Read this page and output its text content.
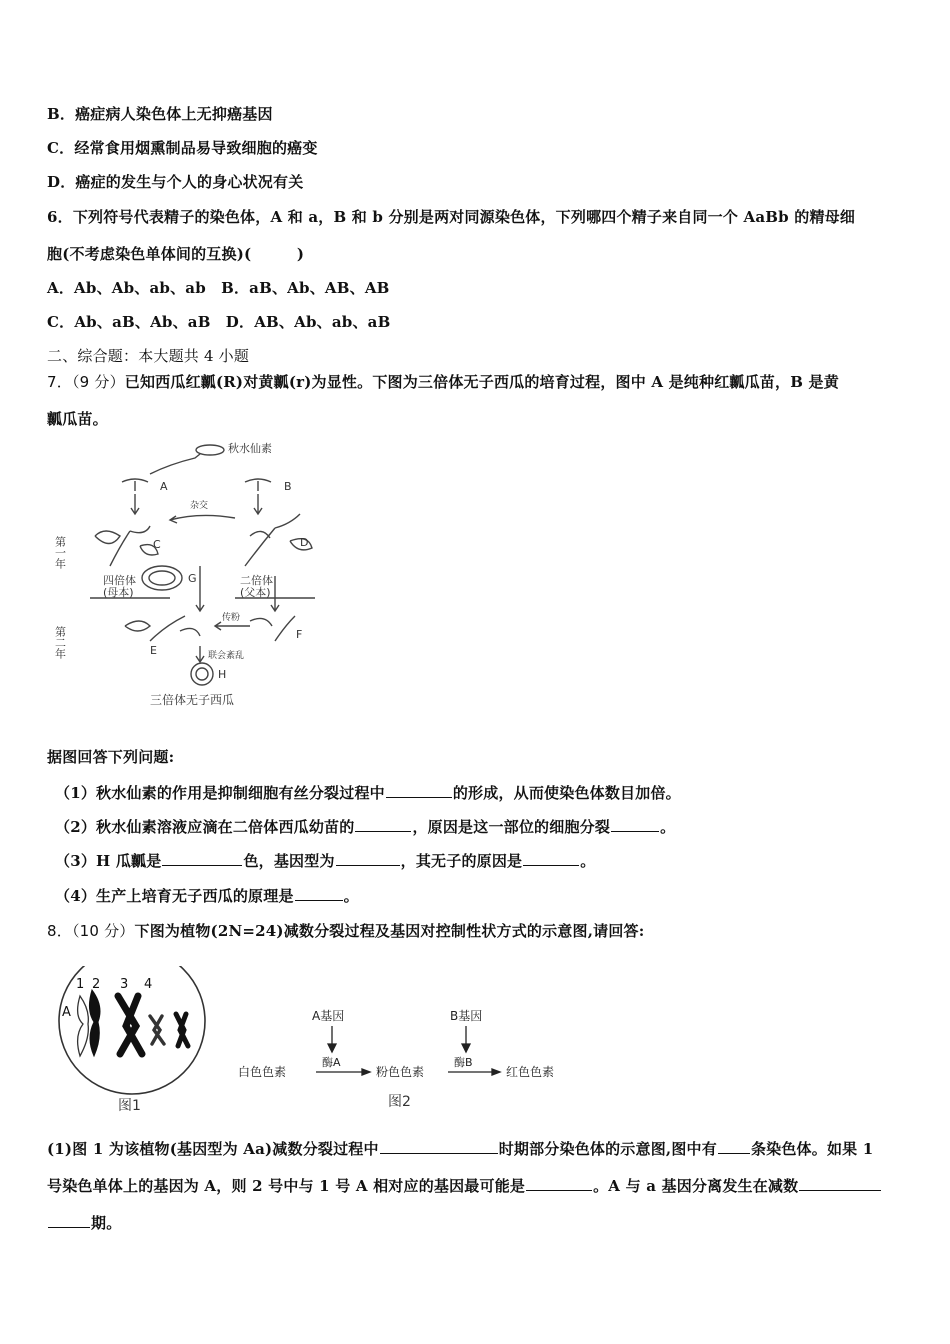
B．癌症病人染色体上无抑癌基因
C．经常食用烟熏制品易导致细胞的癌变
D．癌症的发生与个人的身心状况有关
6．下列符号代表精子的染色体，A 和 a，B 和 b 分别是两对同源染色体，下列哪四个精子来自同一个 AaBb 的精母细
胞(不考虑染色单体间的互换)(　　　)
A．Ab、Ab、ab、ab　B．aB、Ab、AB、AB
C．Ab、aB、Ab、aB　D．AB、Ab、ab、aB
二、综合题：本大题共 4 小题
7．（9 分）已知西瓜红瓤(R)对黄瓤(r)为显性。下图为三倍体无子西瓜的培育过程，图中 A 是纯种红瓤瓜苗，B 是黄
瓤瓜苗。
秋水仙素
A	B
杂交
C	D
G
四倍体
(母本)
二倍体
(父本)
传粉
E
F
联会紊乱
H
三倍体无子西瓜
第一年
第二年
据图回答下列问题:
（1）秋水仙素的作用是抑制细胞有丝分裂过程中	的形成，从而使染色体数目加倍。
（2）秋水仙素溶液应滴在二倍体西瓜幼苗的	，原因是这一部位的细胞分裂	。
（3）H 瓜瓤是	色，基因型为	，其无子的原因是	。
（4）生产上培育无子西瓜的原理是	。
8．（10 分）下图为植物(2N=24)减数分裂过程及基因对控制性状方式的示意图,请回答:
1 2 3 4
A
图1
A基因	B基因
酶A	酶B
白色色素	粉色色素	红色色素
图2
(1)图 1 为该植物(基因型为 Aa)减数分裂过程中	时期部分染色体的示意图,图中有 条染色体。如果 1
号染色单体上的基因为 A，则 2 号中与 1 号 A 相对应的基因最可能是	。A 与 a 基因分离发生在减数
期。
